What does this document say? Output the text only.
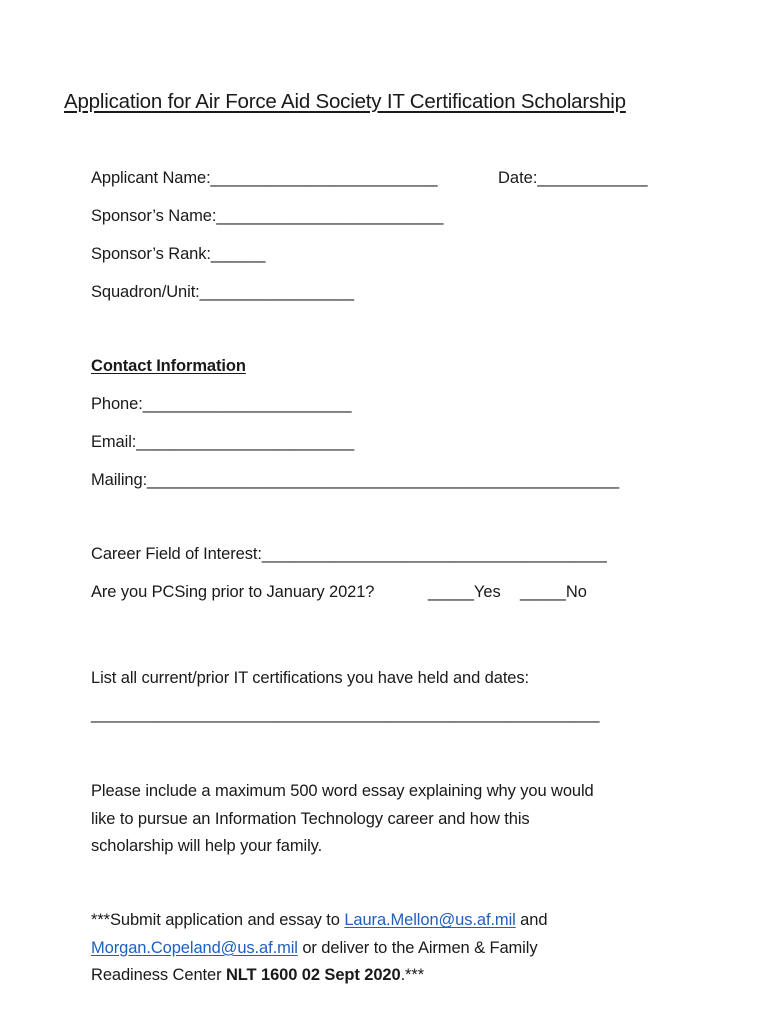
Application for Air Force Aid Society IT Certification Scholarship
Applicant Name:_________________________	Date:____________
Sponsor’s Name:_________________________
Sponsor’s Rank:______
Squadron/Unit:_________________
Contact Information
Phone:_______________________
Email:________________________
Mailing:____________________________________________________
Career Field of Interest:______________________________________
Are you PCSing prior to January 2021?	_____Yes _____No
List all current/prior IT certifications you have held and dates:
________________________________________________________
Please include a maximum 500 word essay explaining why you would
like to pursue an Information Technology career and how this
scholarship will help your family.
***Submit application and essay to Laura.Mellon@us.af.mil and
Morgan.Copeland@us.af.mil or deliver to the Airmen & Family
Readiness Center NLT 1600 02 Sept 2020.***
